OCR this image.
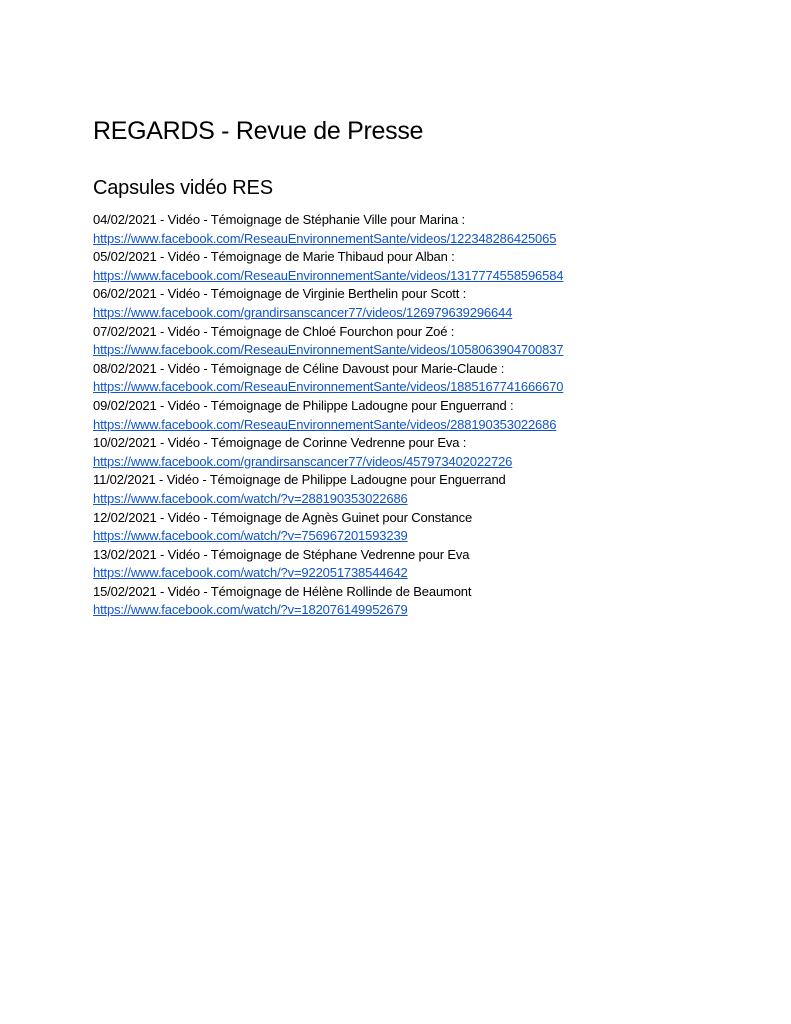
REGARDS - Revue de Presse
Capsules vidéo RES
04/02/2021 - Vidéo - Témoignage de Stéphanie Ville pour Marina :
https://www.facebook.com/ReseauEnvironnementSante/videos/122348286425065
05/02/2021 - Vidéo - Témoignage de Marie Thibaud pour Alban :
https://www.facebook.com/ReseauEnvironnementSante/videos/1317774558596584
06/02/2021 - Vidéo - Témoignage de Virginie Berthelin pour Scott :
https://www.facebook.com/grandirsanscancer77/videos/126979639296644
07/02/2021 - Vidéo - Témoignage de Chloé Fourchon pour Zoé :
https://www.facebook.com/ReseauEnvironnementSante/videos/1058063904700837
08/02/2021 - Vidéo - Témoignage de Céline Davoust pour Marie-Claude :
https://www.facebook.com/ReseauEnvironnementSante/videos/1885167741666670
09/02/2021 - Vidéo - Témoignage de Philippe Ladougne pour Enguerrand :
https://www.facebook.com/ReseauEnvironnementSante/videos/288190353022686
10/02/2021 - Vidéo - Témoignage de Corinne Vedrenne pour Eva :
https://www.facebook.com/grandirsanscancer77/videos/457973402022726
11/02/2021 - Vidéo - Témoignage de Philippe Ladougne pour Enguerrand
https://www.facebook.com/watch/?v=288190353022686
12/02/2021 - Vidéo - Témoignage de Agnès Guinet pour Constance
https://www.facebook.com/watch/?v=756967201593239
13/02/2021 - Vidéo - Témoignage de Stéphane Vedrenne pour Eva
https://www.facebook.com/watch/?v=922051738544642
15/02/2021 - Vidéo - Témoignage de Hélène Rollinde de Beaumont
https://www.facebook.com/watch/?v=182076149952679
